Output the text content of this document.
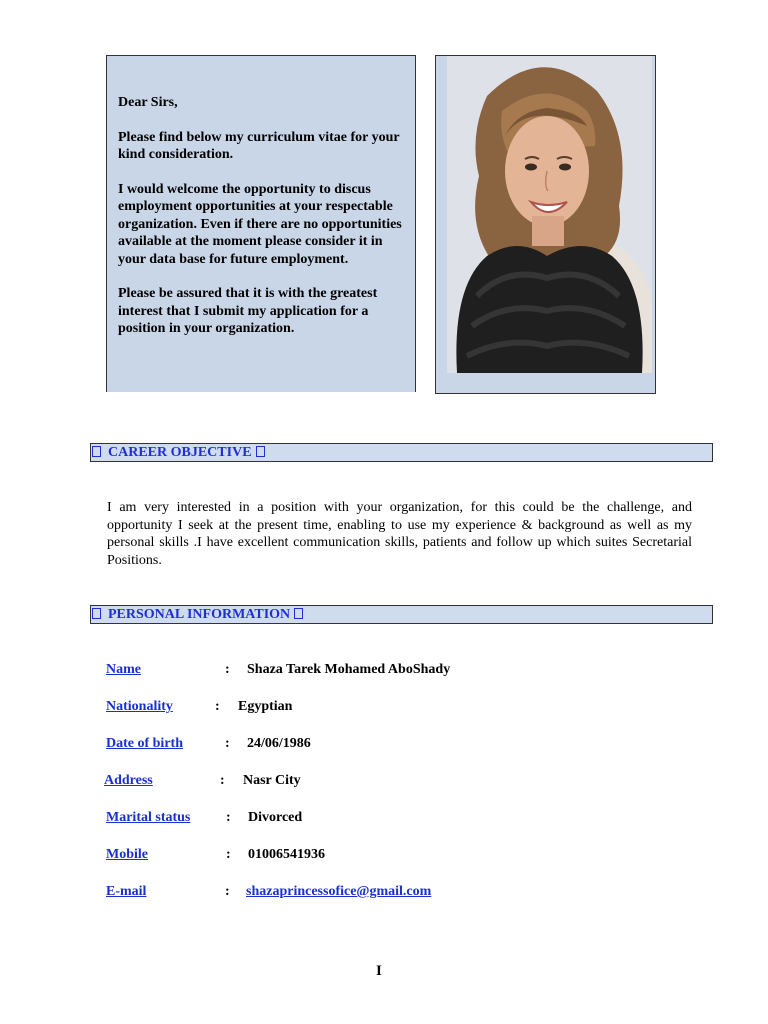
Dear Sirs,

Please find below my curriculum vitae for your kind consideration.

I would welcome the opportunity to discus employment opportunities at your respectable organization. Even if there are no opportunities available at the moment please consider it in your data base for future employment.

Please be assured that it is with the greatest interest that I submit my application for a position in your organization.

CAREER OBJECTIVE
I am very interested in a position with your organization, for this could be the challenge, and opportunity I seek at the present time, enabling to use my experience & background as well as my personal skills .I have excellent communication skills, patients and follow up which suites Secretarial Positions.
PERSONAL INFORMATION
Name	: Shaza Tarek Mohamed AboShady
Nationality	: Egyptian
Date of birth	: 24/06/1986
Address	: Nasr City
Marital status	: Divorced
Mobile	: 01006541936
E-mail	: shazaprincessofice@gmail.com
I
